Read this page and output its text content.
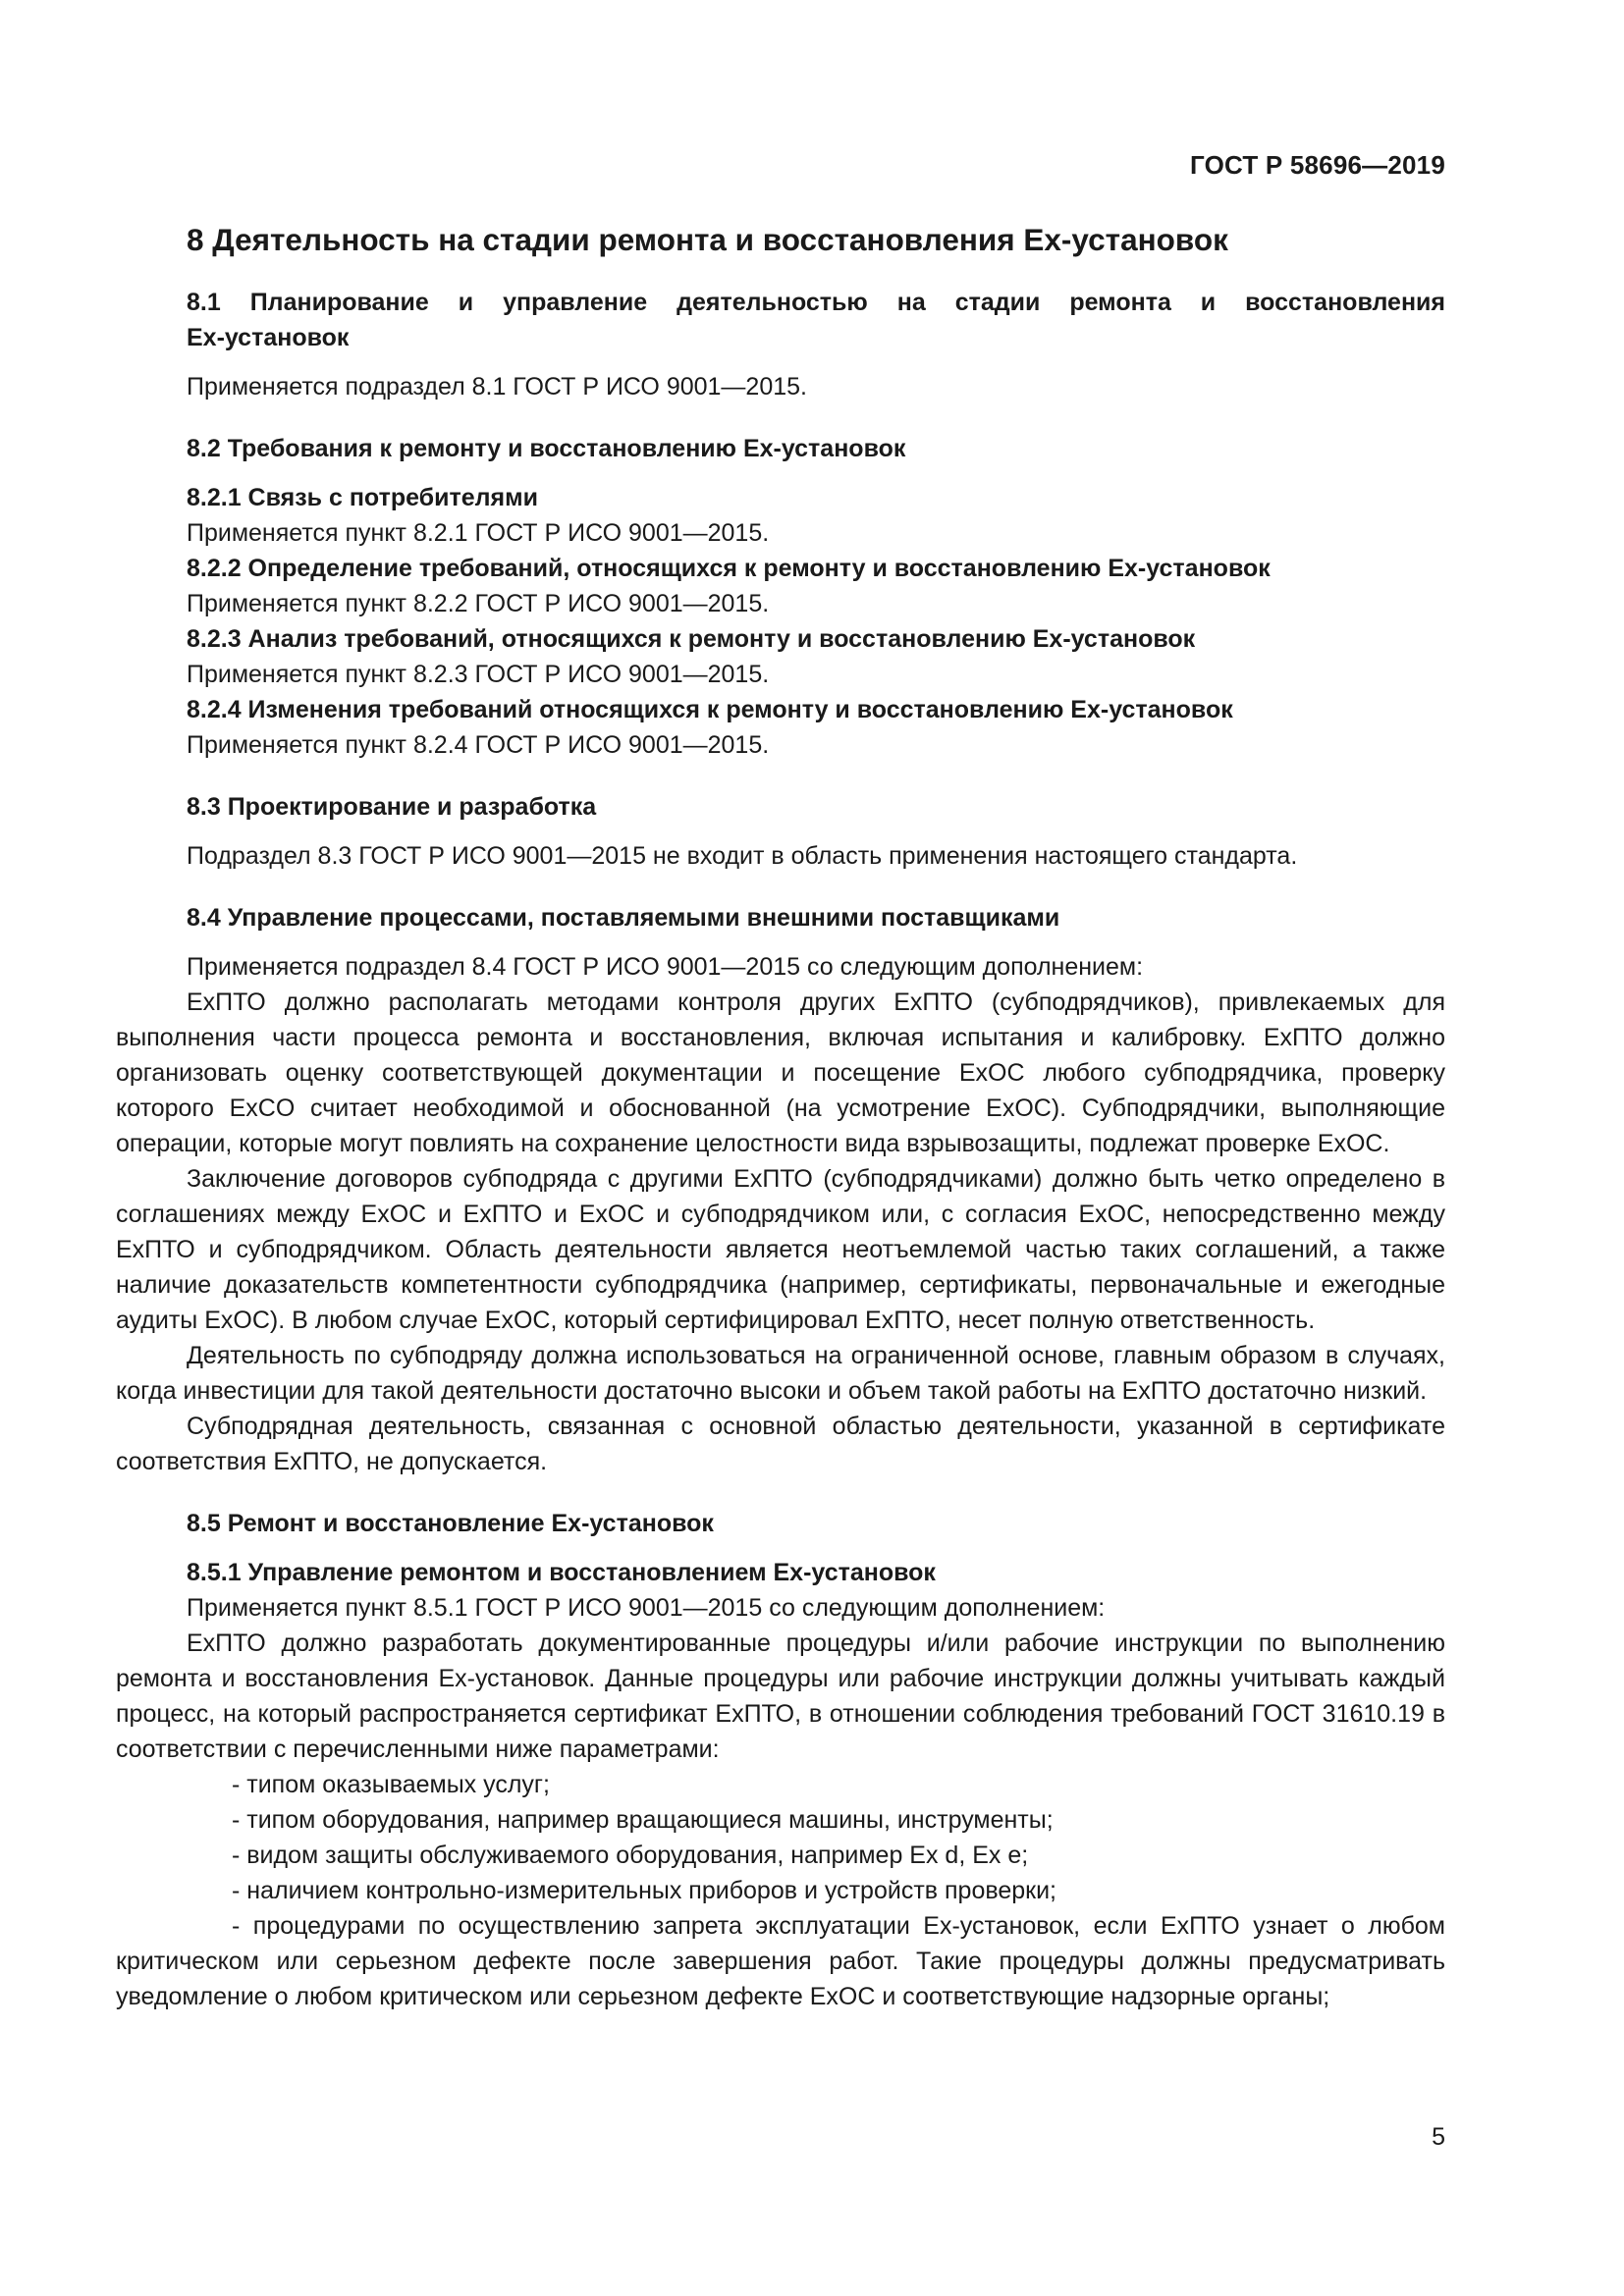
ГОСТ Р 58696—2019
8 Деятельность на стадии ремонта и восстановления Ex-установок
8.1 Планирование и управление деятельностью на стадии ремонта и восстановления
Ex-установок

Применяется подраздел 8.1 ГОСТ Р ИСО 9001—2015.

8.2 Требования к ремонту и восстановлению Ex-установок
8.2.1 Связь с потребителями
Применяется пункт 8.2.1 ГОСТ Р ИСО 9001—2015.
8.2.2 Определение требований, относящихся к ремонту и восстановлению Ex-установок
Применяется пункт 8.2.2 ГОСТ Р ИСО 9001—2015.
8.2.3 Анализ требований, относящихся к ремонту и восстановлению Ex-установок
Применяется пункт 8.2.3 ГОСТ Р ИСО 9001—2015.
8.2.4 Изменения требований относящихся к ремонту и восстановлению Ex-установок
Применяется пункт 8.2.4 ГОСТ Р ИСО 9001—2015.
8.3 Проектирование и разработка

Подраздел 8.3 ГОСТ Р ИСО 9001—2015 не входит в область применения настоящего стандарта.

8.4 Управление процессами, поставляемыми внешними поставщиками

Применяется подраздел 8.4 ГОСТ Р ИСО 9001—2015 со следующим дополнением:

ExПТО должно располагать методами контроля других ExПТО (субподрядчиков), привлекаемых для выполнения части процесса ремонта и восстановления, включая испытания и калибровку. ExПТО должно организовать оценку соответствующей документации и посещение ExOC любого субподрядчика, проверку которого ExCO считает необходимой и обоснованной (на усмотрение ExOC). Субподрядчики, выполняющие операции, которые могут повлиять на сохранение целостности вида взрывозащиты, подлежат проверке ExOC.

Заключение договоров субподряда с другими ExПТО (субподрядчиками) должно быть четко определено в соглашениях между ExOC и ExПТО и ExOC и субподрядчиком или, с согласия ExOC, непосредственно между ExПТО и субподрядчиком. Область деятельности является неотъемлемой частью таких соглашений, а также наличие доказательств компетентности субподрядчика (например, сертификаты, первоначальные и ежегодные аудиты ExOC). В любом случае ExOC, который сертифицировал ExПТО, несет полную ответственность.

Деятельность по субподряду должна использоваться на ограниченной основе, главным образом в случаях, когда инвестиции для такой деятельности достаточно высоки и объем такой работы на ExПТО достаточно низкий.

Субподрядная деятельность, связанная с основной областью деятельности, указанной в сертификате соответствия ExПТО, не допускается.

8.5 Ремонт и восстановление Ex-установок
8.5.1 Управление ремонтом и восстановлением Ex-установок

Применяется пункт 8.5.1 ГОСТ Р ИСО 9001—2015 со следующим дополнением:

ExПТО должно разработать документированные процедуры и/или рабочие инструкции по выполнению ремонта и восстановления Ex-установок. Данные процедуры или рабочие инструкции должны учитывать каждый процесс, на который распространяется сертификат ExПТО, в отношении соблюдения требований ГОСТ 31610.19 в соответствии с перечисленными ниже параметрами:

- типом оказываемых услуг;
- типом оборудования, например вращающиеся машины, инструменты;
- видом защиты обслуживаемого оборудования, например Ex d, Ex e;
- наличием контрольно-измерительных приборов и устройств проверки;
- процедурами по осуществлению запрета эксплуатации Ex-установок, если ExПТО узнает о любом критическом или серьезном дефекте после завершения работ. Такие процедуры должны предусматривать уведомление о любом критическом или серьезном дефекте ExOC и соответствующие надзорные органы;
5
